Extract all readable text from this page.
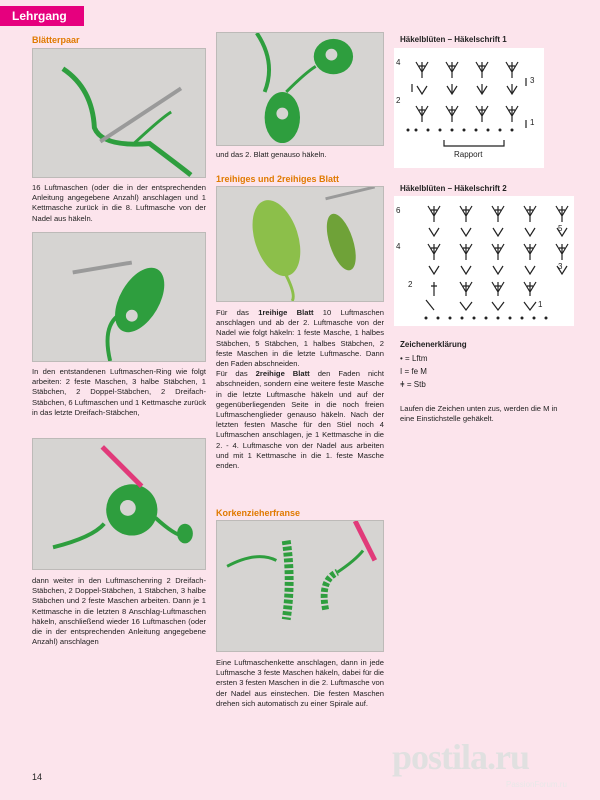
Lehrgang
Blätterpaar
16 Luftmaschen (oder die in der entsprechenden Anleitung angegebene Anzahl) anschlagen und 1 Kettmasche zurück in die 8. Luftmasche von der Nadel aus häkeln.
In den entstandenen Luftmaschen-Ring wie folgt arbeiten: 2 feste Maschen, 3 halbe Stäbchen, 1 Stäbchen, 2 Doppel-Stäbchen, 2 Dreifach-Stäbchen, 6 Luftmaschen und 1 Kettmasche zurück in das letzte Dreifach-Stäbchen,
dann weiter in den Luftmaschenring 2 Dreifach-Stäbchen, 2 Doppel-Stäbchen, 1 Stäbchen, 3 halbe Stäbchen und 2 feste Maschen arbeiten. Dann je 1 Kettmasche in die letzten 8 Anschlag-Luftmaschen häkeln, anschließend wieder 16 Luftmaschen (oder die in der entsprechenden Anleitung angegebene Anzahl) anschlagen
und das 2. Blatt genauso häkeln.
1reihiges und 2reihiges Blatt
Für das 1reihige Blatt 10 Luftmaschen anschlagen und ab der 2. Luftmasche von der Nadel wie folgt häkeln: 1 feste Masche, 1 halbes Stäbchen, 5 Stäbchen, 1 halbes Stäbchen, 2 feste Maschen in die letzte Luftmasche. Dann den Faden abschneiden.
Für das 2reihige Blatt den Faden nicht abschneiden, sondern eine weitere feste Masche in die letzte Luftmasche häkeln und auf der gegenüberliegenden Seite in die noch freien Luftmaschenglieder genauso häkeln. Nach der letzten festen Masche für den Stiel noch 4 Luftmaschen anschlagen, je 1 Kettmasche in die 2. - 4. Luftmasche von der Nadel aus arbeiten und mit 1 Kettmasche in die 1. feste Masche enden.
Korkenzieherfranse
Eine Luftmaschenkette anschlagen, dann in jede Luftmasche 3 feste Maschen häkeln, dabei für die ersten 3 festen Maschen in die 2. Luftmasche von der Nadel aus einstechen. Die festen Maschen drehen sich automatisch zu einer Spirale auf.
Häkelblüten – Häkelschrift 1
4
2
3
1
Rapport
Häkelblüten – Häkelschrift 2
6
4
2
5
3
1
Zeichenerklärung
• = Lftm
I = fe M
ǂ = Stb
Laufen die Zeichen unten zus, werden die M in eine Einstichstelle gehäkelt.
14	postila.ru
PassionForum.ru
